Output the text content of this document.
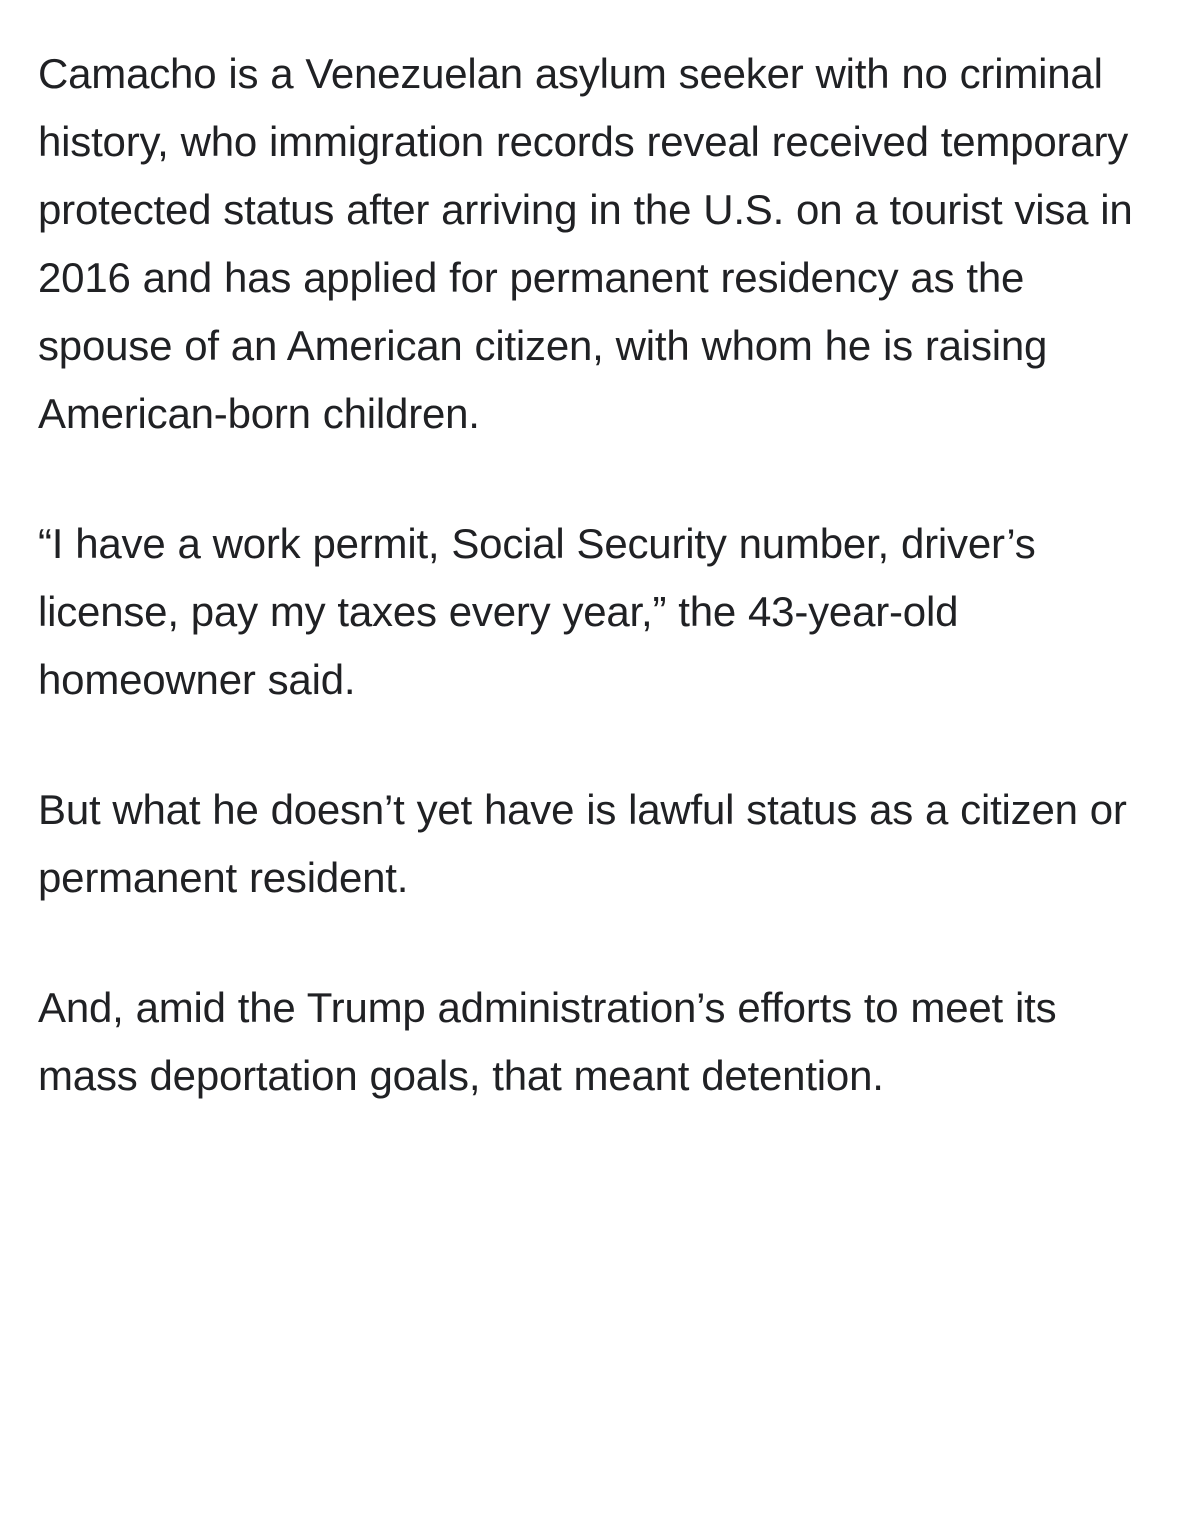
Camacho is a Venezuelan asylum seeker with no criminal history, who immigration records reveal received temporary protected status after arriving in the U.S. on a tourist visa in 2016 and has applied for permanent residency as the spouse of an American citizen, with whom he is raising American-born children.

“I have a work permit, Social Security number, driver’s license, pay my taxes every year,” the 43-year-old homeowner said.

But what he doesn’t yet have is lawful status as a citizen or permanent resident.

And, amid the Trump administration’s efforts to meet its mass deportation goals, that meant detention.
